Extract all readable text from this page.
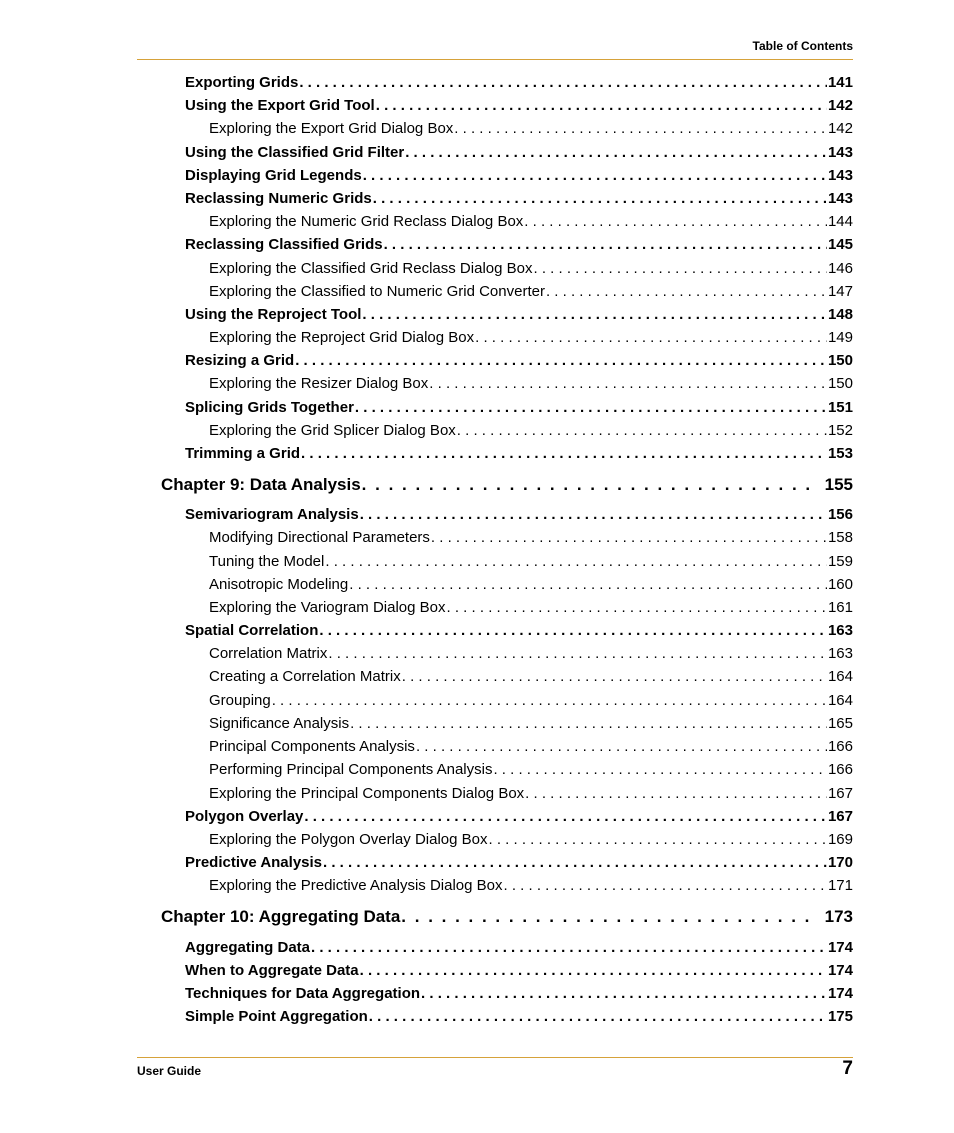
Table of Contents
Exporting Grids . . .	141
Using the Export Grid Tool . . .	142
Exploring the Export Grid Dialog Box . . .	142
Using the Classified Grid Filter . . .	143
Displaying Grid Legends . . .	143
Reclassing Numeric Grids . . .	143
Exploring the Numeric Grid Reclass Dialog Box . . .	144
Reclassing Classified Grids . . .	145
Exploring the Classified Grid Reclass Dialog Box . . .	146
Exploring the Classified to Numeric Grid Converter . . .	147
Using the Reproject Tool . . .	148
Exploring the Reproject Grid Dialog Box . . .	149
Resizing a Grid . . .	150
Exploring the Resizer Dialog Box . . .	150
Splicing Grids Together . . .	151
Exploring the Grid Splicer Dialog Box . . .	152
Trimming a Grid . . .	153
Chapter 9: Data Analysis . . .	155
Semivariogram Analysis . . .	156
Modifying Directional Parameters . . .	158
Tuning the Model . . .	159
Anisotropic Modeling . . .	160
Exploring the Variogram Dialog Box . . .	161
Spatial Correlation . . .	163
Correlation Matrix . . .	163
Creating a Correlation Matrix . . .	164
Grouping . . .	164
Significance Analysis . . .	165
Principal Components Analysis . . .	166
Performing Principal Components Analysis . . .	166
Exploring the Principal Components Dialog Box . . .	167
Polygon Overlay . . .	167
Exploring the Polygon Overlay Dialog Box . . .	169
Predictive Analysis . . .	170
Exploring the Predictive Analysis Dialog Box . . .	171
Chapter 10: Aggregating Data . . .	173
Aggregating Data . . .	174
When to Aggregate Data . . .	174
Techniques for Data Aggregation . . .	174
Simple Point Aggregation . . .	175
User Guide	7
